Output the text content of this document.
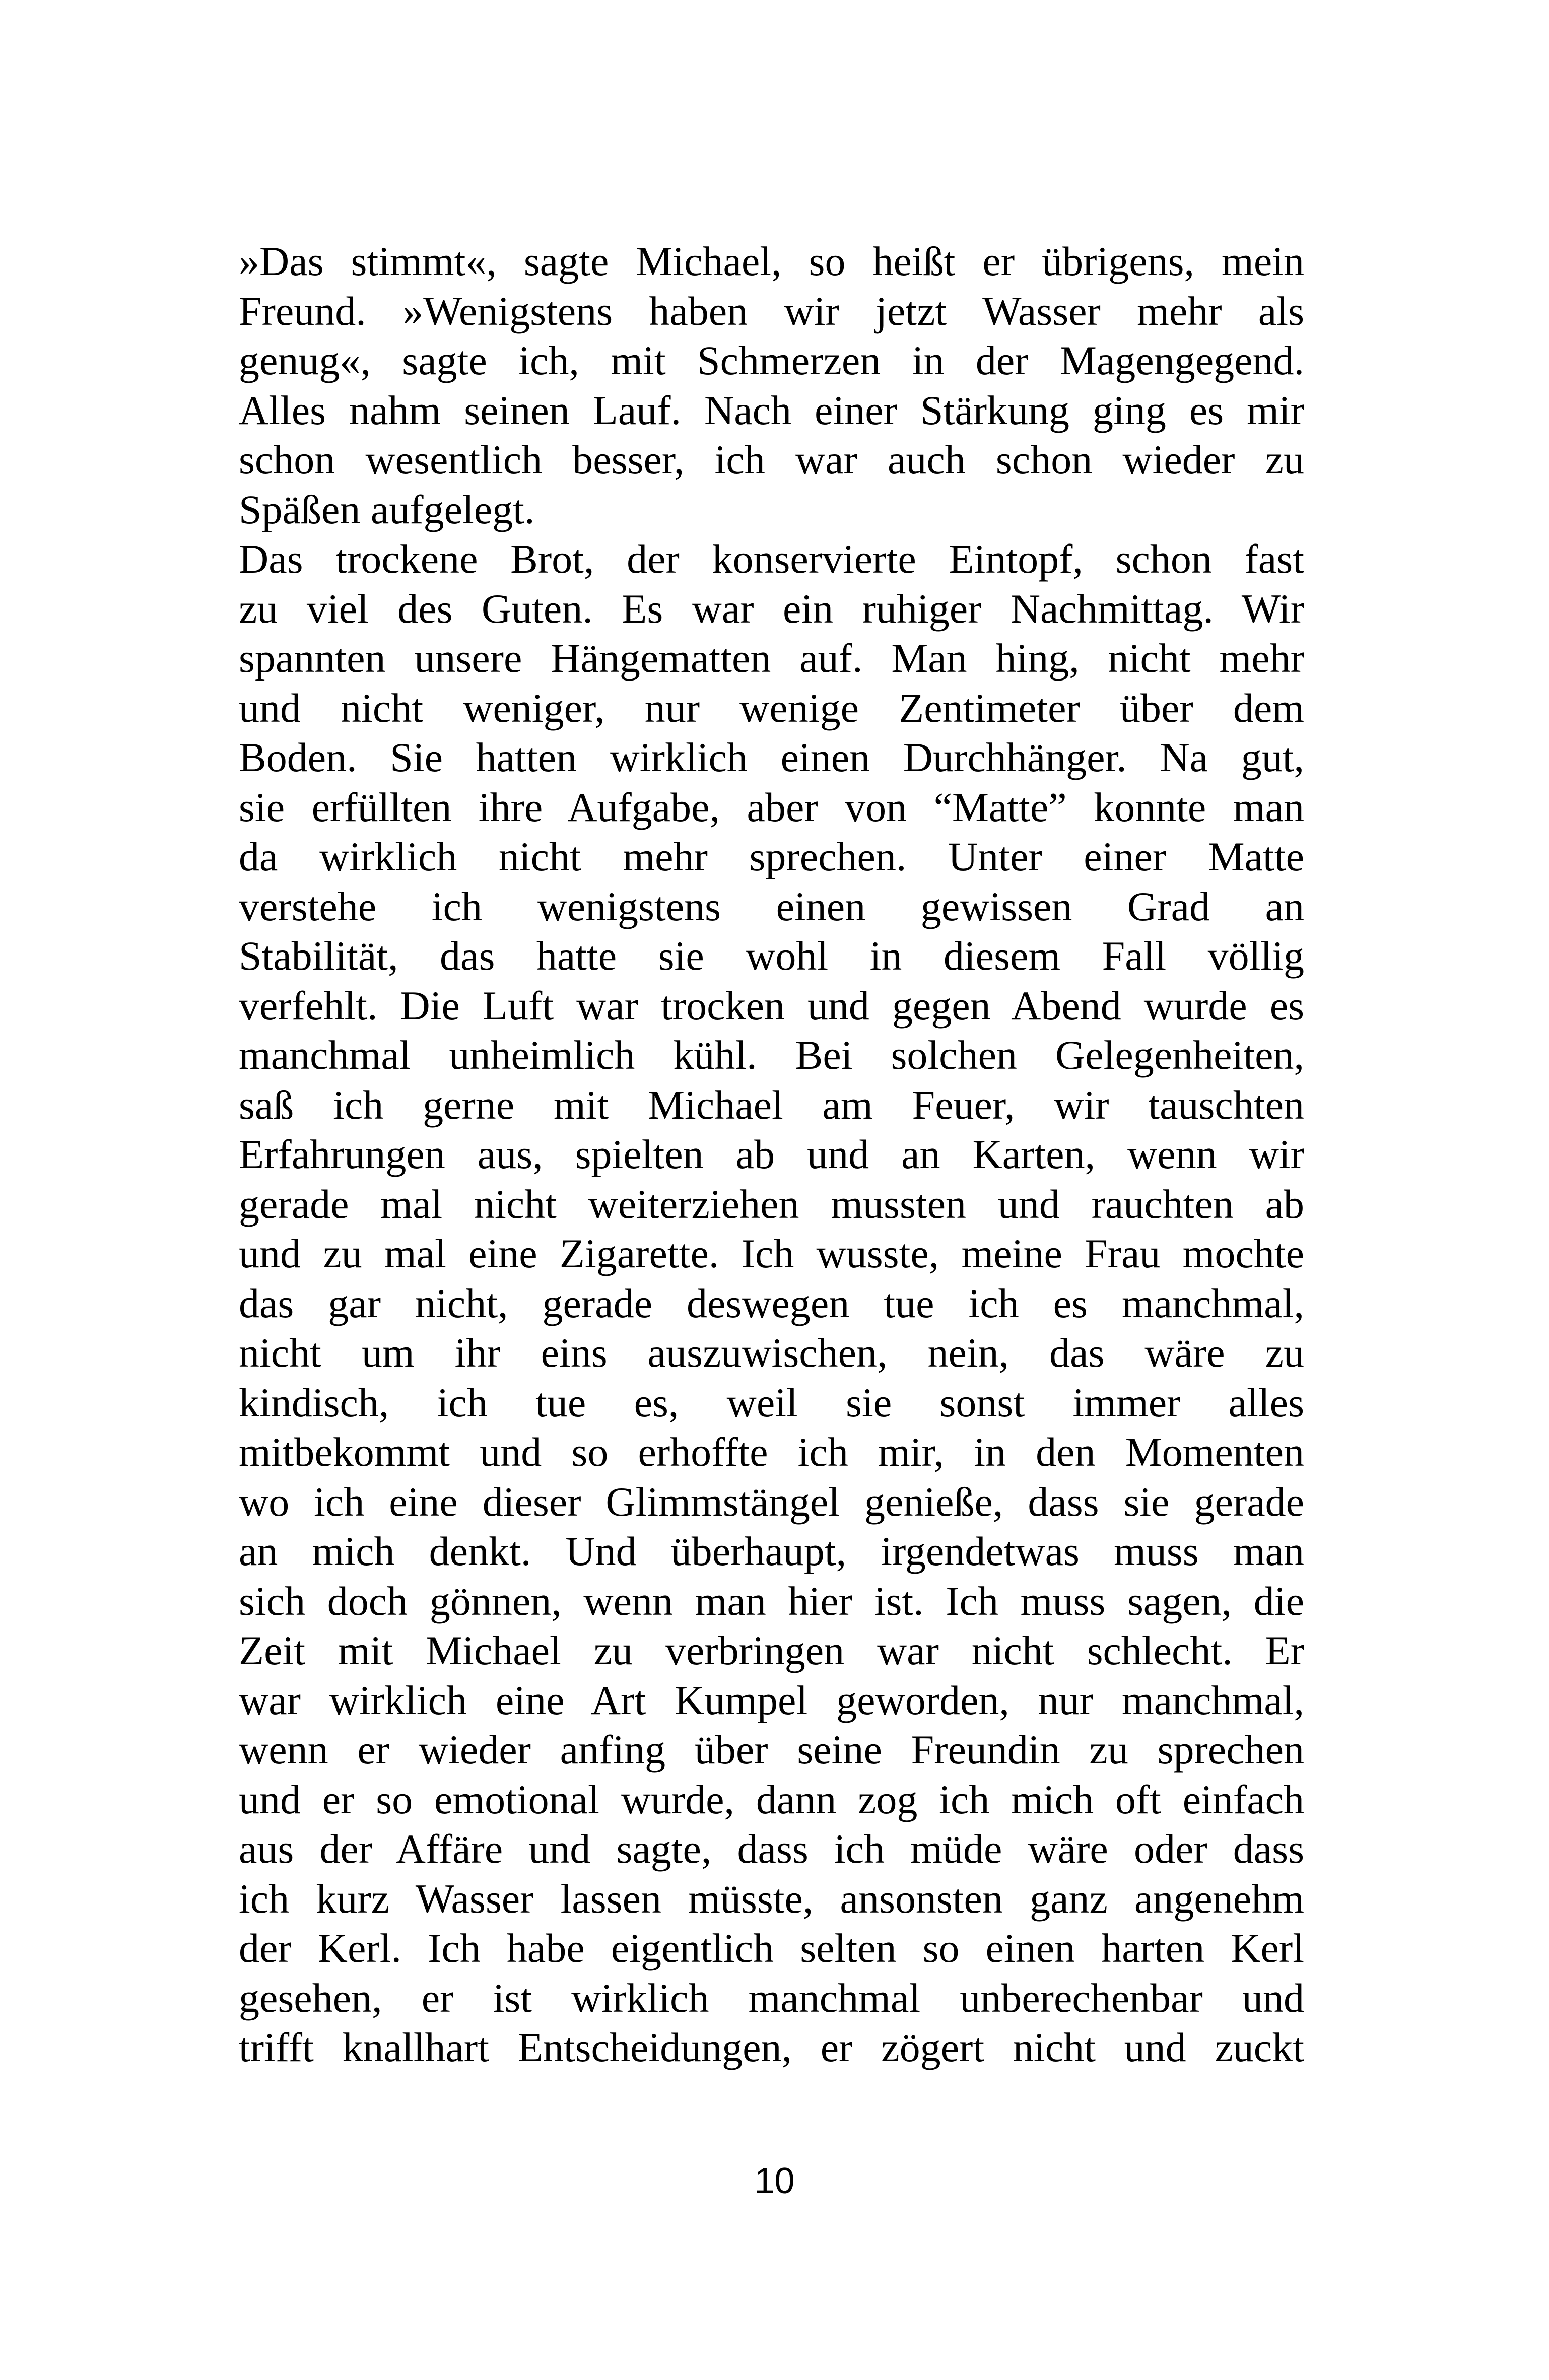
»Das stimmt«, sagte Michael, so heißt er übrigens, mein
Freund. »Wenigstens haben wir jetzt Wasser mehr als
genug«, sagte ich, mit Schmerzen in der Magengegend.
Alles nahm seinen Lauf. Nach einer Stärkung ging es mir
schon wesentlich besser, ich war auch schon wieder zu
Späßen aufgelegt.
Das trockene Brot, der konservierte Eintopf, schon fast
zu viel des Guten. Es war ein ruhiger Nachmittag. Wir
spannten unsere Hängematten auf. Man hing, nicht mehr
und nicht weniger, nur wenige Zentimeter über dem
Boden. Sie hatten wirklich einen Durchhänger. Na gut,
sie erfüllten ihre Aufgabe, aber von “Matte” konnte man
da wirklich nicht mehr sprechen. Unter einer Matte
verstehe ich wenigstens einen gewissen Grad an
Stabilität, das hatte sie wohl in diesem Fall völlig
verfehlt. Die Luft war trocken und gegen Abend wurde es
manchmal unheimlich kühl. Bei solchen Gelegenheiten,
saß ich gerne mit Michael am Feuer, wir tauschten
Erfahrungen aus, spielten ab und an Karten, wenn wir
gerade mal nicht weiterziehen mussten und rauchten ab
und zu mal eine Zigarette. Ich wusste, meine Frau mochte
das gar nicht, gerade deswegen tue ich es manchmal,
nicht um ihr eins auszuwischen, nein, das wäre zu
kindisch, ich tue es, weil sie sonst immer alles
mitbekommt und so erhoffte ich mir, in den Momenten
wo ich eine dieser Glimmstängel genieße, dass sie gerade
an mich denkt. Und überhaupt, irgendetwas muss man
sich doch gönnen, wenn man hier ist. Ich muss sagen, die
Zeit mit Michael zu verbringen war nicht schlecht. Er
war wirklich eine Art Kumpel geworden, nur manchmal,
wenn er wieder anfing über seine Freundin zu sprechen
und er so emotional wurde, dann zog ich mich oft einfach
aus der Affäre und sagte, dass ich müde wäre oder dass
ich kurz Wasser lassen müsste, ansonsten ganz angenehm
der Kerl. Ich habe eigentlich selten so einen harten Kerl
gesehen, er ist wirklich manchmal unberechenbar und
trifft knallhart Entscheidungen, er zögert nicht und zuckt
10
